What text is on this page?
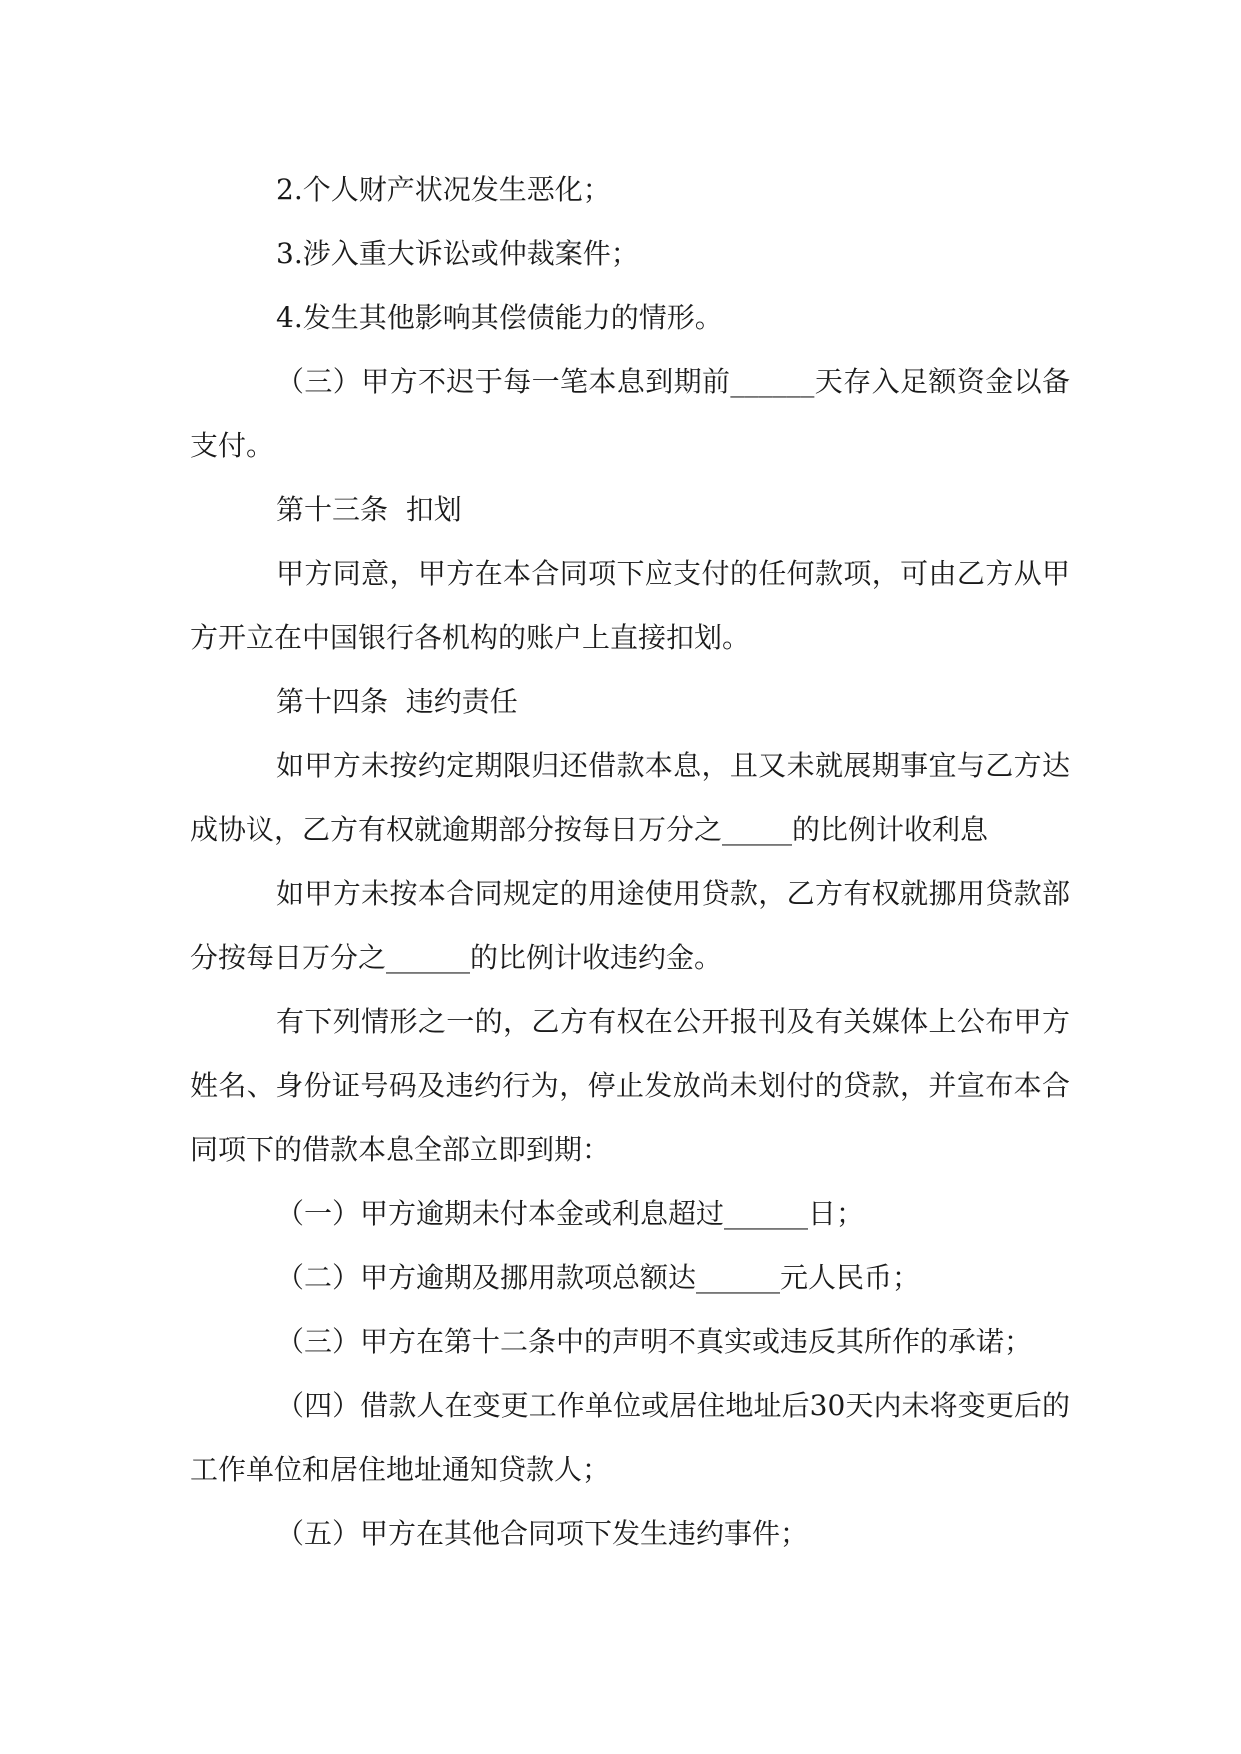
2.个人财产状况发生恶化；

3.涉入重大诉讼或仲裁案件；

4.发生其他影响其偿债能力的情形。

（三）甲方不迟于每一笔本息到期前______天存入足额资金以备支付。

第十三条  扣划

甲方同意，甲方在本合同项下应支付的任何款项，可由乙方从甲方开立在中国银行各机构的账户上直接扣划。

第十四条  违约责任

如甲方未按约定期限归还借款本息，且又未就展期事宜与乙方达成协议，乙方有权就逾期部分按每日万分之_____的比例计收利息

如甲方未按本合同规定的用途使用贷款，乙方有权就挪用贷款部分按每日万分之______的比例计收违约金。

有下列情形之一的，乙方有权在公开报刊及有关媒体上公布甲方姓名、身份证号码及违约行为，停止发放尚未划付的贷款，并宣布本合同项下的借款本息全部立即到期：

（一）甲方逾期未付本金或利息超过______日；

（二）甲方逾期及挪用款项总额达______元人民币；

（三）甲方在第十二条中的声明不真实或违反其所作的承诺；

（四）借款人在变更工作单位或居住地址后30天内未将变更后的工作单位和居住地址通知贷款人；

（五）甲方在其他合同项下发生违约事件；
